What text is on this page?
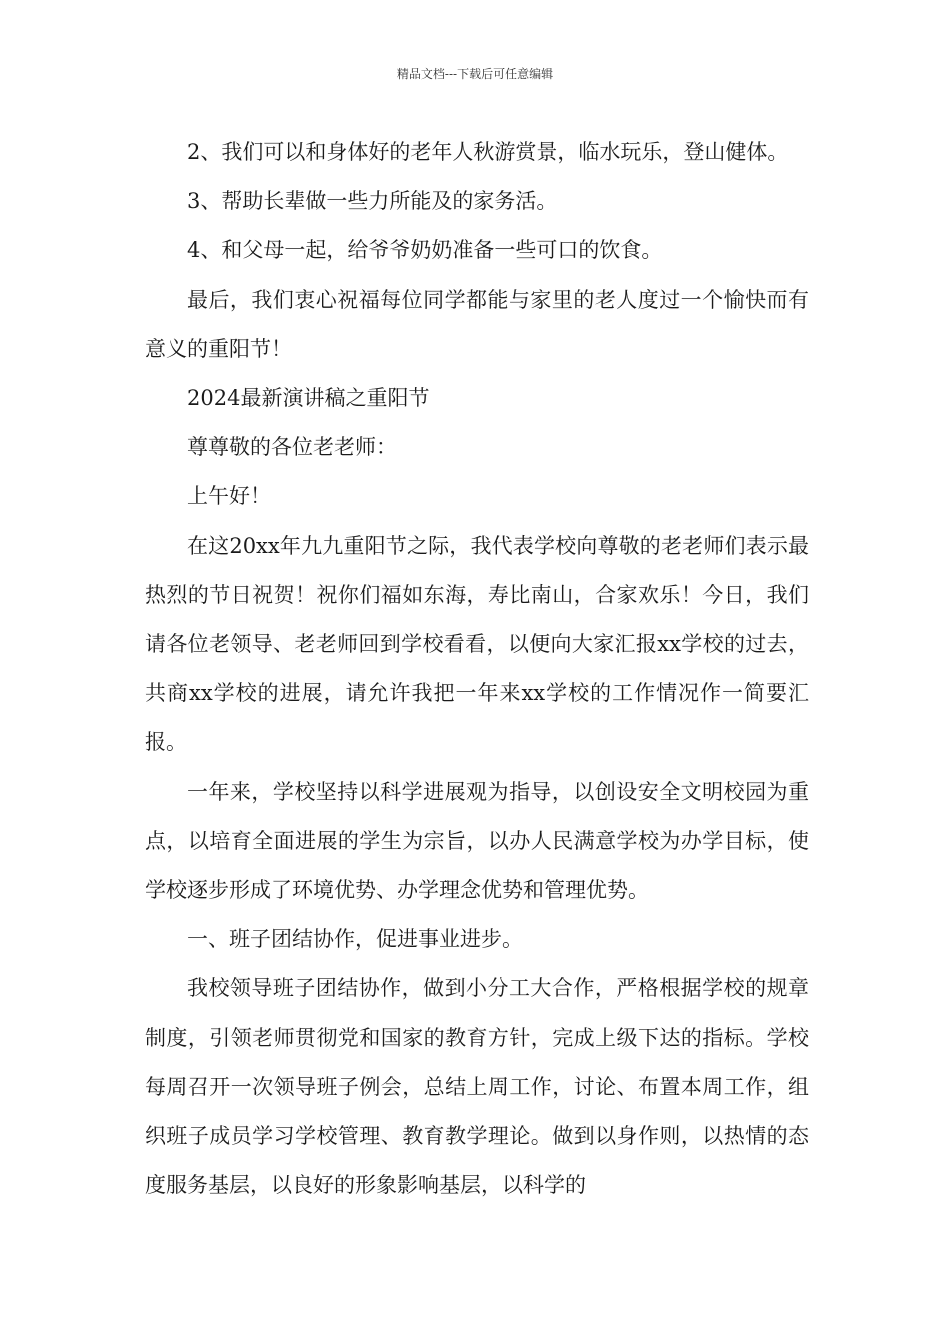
精品文档---下载后可任意编辑

2、我们可以和身体好的老年人秋游赏景，临水玩乐，登山健体。

3、帮助长辈做一些力所能及的家务活。

4、和父母一起，给爷爷奶奶准备一些可口的饮食。

最后，我们衷心祝福每位同学都能与家里的老人度过一个愉快而有意义的重阳节！

2024最新演讲稿之重阳节

尊尊敬的各位老老师：

上午好！

在这20xx年九九重阳节之际，我代表学校向尊敬的老老师们表示最热烈的节日祝贺！祝你们福如东海，寿比南山，合家欢乐！今日，我们请各位老领导、老老师回到学校看看，以便向大家汇报xx学校的过去，共商xx学校的进展，请允许我把一年来xx学校的工作情况作一简要汇报。

一年来，学校坚持以科学进展观为指导，以创设安全文明校园为重点，以培育全面进展的学生为宗旨，以办人民满意学校为办学目标，使学校逐步形成了环境优势、办学理念优势和管理优势。

一、班子团结协作，促进事业进步。

我校领导班子团结协作，做到小分工大合作，严格根据学校的规章制度，引领老师贯彻党和国家的教育方针，完成上级下达的指标。学校每周召开一次领导班子例会，总结上周工作，讨论、布置本周工作，组织班子成员学习学校管理、教育教学理论。做到以身作则，以热情的态度服务基层，以良好的形象影响基层，以科学的
